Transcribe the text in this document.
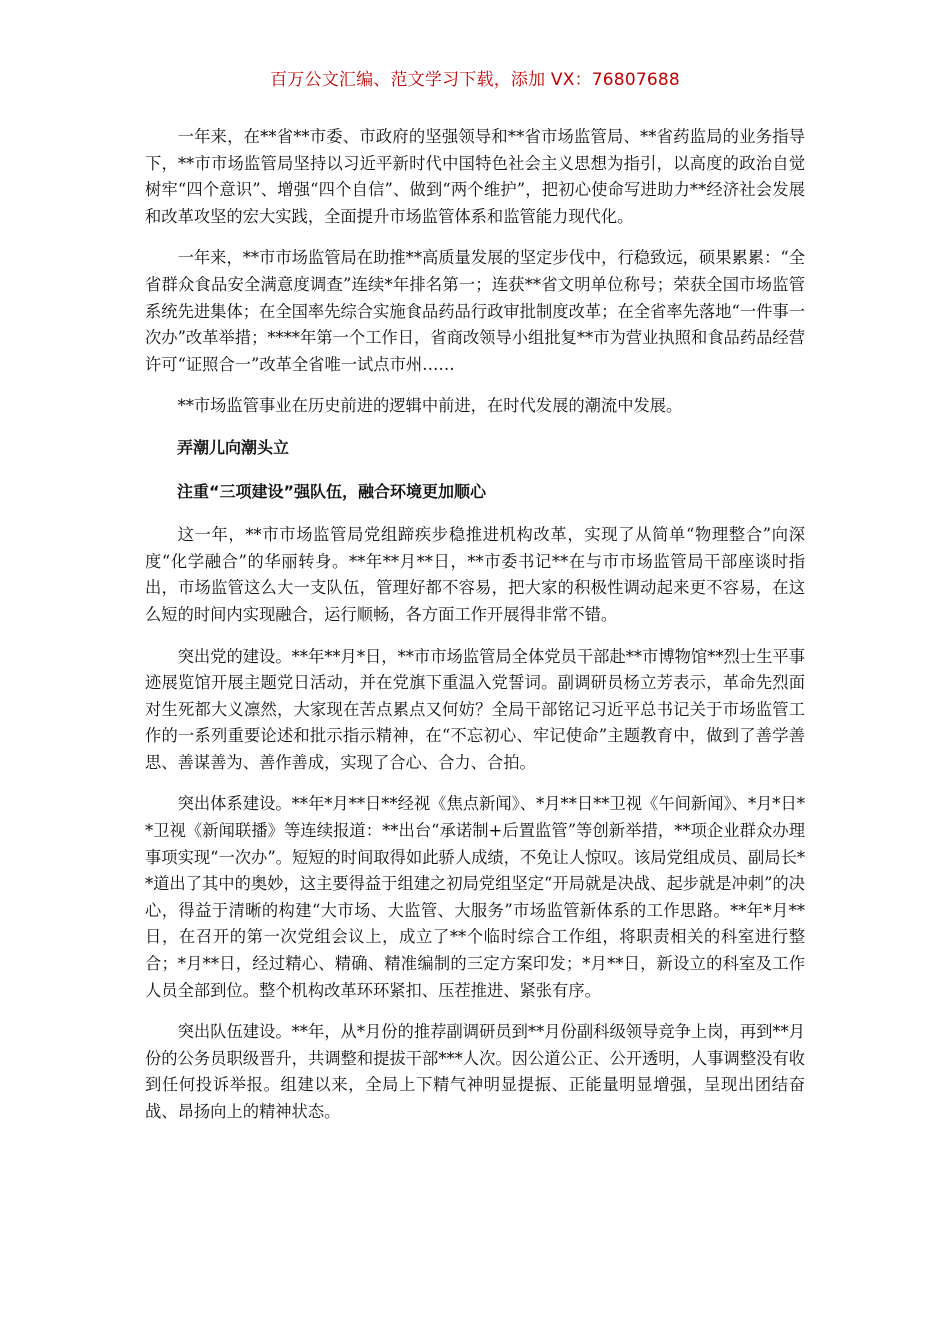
百万公文汇编、范文学习下载，添加 VX：76807688

一年来，在**省**市委、市政府的坚强领导和**省市场监管局、**省药监局的业务指导下，**市市场监管局坚持以习近平新时代中国特色社会主义思想为指引，以高度的政治自觉树牢“四个意识”、增强“四个自信”、做到“两个维护”，把初心使命写进助力**经济社会发展和改革攻坚的宏大实践，全面提升市场监管体系和监管能力现代化。

一年来，**市市场监管局在助推**高质量发展的坚定步伐中，行稳致远，硕果累累：“全省群众食品安全满意度调查”连续*年排名第一；连获**省文明单位称号；荣获全国市场监管系统先进集体；在全国率先综合实施食品药品行政审批制度改革；在全省率先落地“一件事一次办”改革举措；****年第一个工作日，省商改领导小组批复**市为营业执照和食品药品经营许可“证照合一”改革全省唯一试点市州……

**市场监管事业在历史前进的逻辑中前进，在时代发展的潮流中发展。

弄潮儿向潮头立

注重“三项建设”强队伍，融合环境更加顺心

这一年，**市市场监管局党组蹄疾步稳推进机构改革，实现了从简单“物理整合”向深度“化学融合”的华丽转身。**年**月**日，**市委书记**在与市市场监管局干部座谈时指出，市场监管这么大一支队伍，管理好都不容易，把大家的积极性调动起来更不容易，在这么短的时间内实现融合，运行顺畅，各方面工作开展得非常不错。

突出党的建设。**年**月*日，**市市场监管局全体党员干部赴**市博物馆**烈士生平事迹展览馆开展主题党日活动，并在党旗下重温入党誓词。副调研员杨立芳表示，革命先烈面对生死都大义凛然，大家现在苦点累点又何妨？全局干部铭记习近平总书记关于市场监管工作的一系列重要论述和批示指示精神，在“不忘初心、牢记使命”主题教育中，做到了善学善思、善谋善为、善作善成，实现了合心、合力、合拍。

突出体系建设。**年*月**日**经视《焦点新闻》、*月**日**卫视《午间新闻》、*月*日**卫视《新闻联播》等连续报道：**出台“承诺制+后置监管”等创新举措，**项企业群众办理事项实现“一次办”。短短的时间取得如此骄人成绩，不免让人惊叹。该局党组成员、副局长**道出了其中的奥妙，这主要得益于组建之初局党组坚定“开局就是决战、起步就是冲刺”的决心，得益于清晰的构建“大市场、大监管、大服务”市场监管新体系的工作思路。**年*月**日，在召开的第一次党组会议上，成立了**个临时综合工作组，将职责相关的科室进行整合；*月**日，经过精心、精确、精准编制的三定方案印发；*月**日，新设立的科室及工作人员全部到位。整个机构改革环环紧扣、压茬推进、紧张有序。

突出队伍建设。**年，从*月份的推荐副调研员到**月份副科级领导竞争上岗，再到**月份的公务员职级晋升，共调整和提拔干部***人次。因公道公正、公开透明，人事调整没有收到任何投诉举报。组建以来，全局上下精气神明显提振、正能量明显增强，呈现出团结奋战、昂扬向上的精神状态。
